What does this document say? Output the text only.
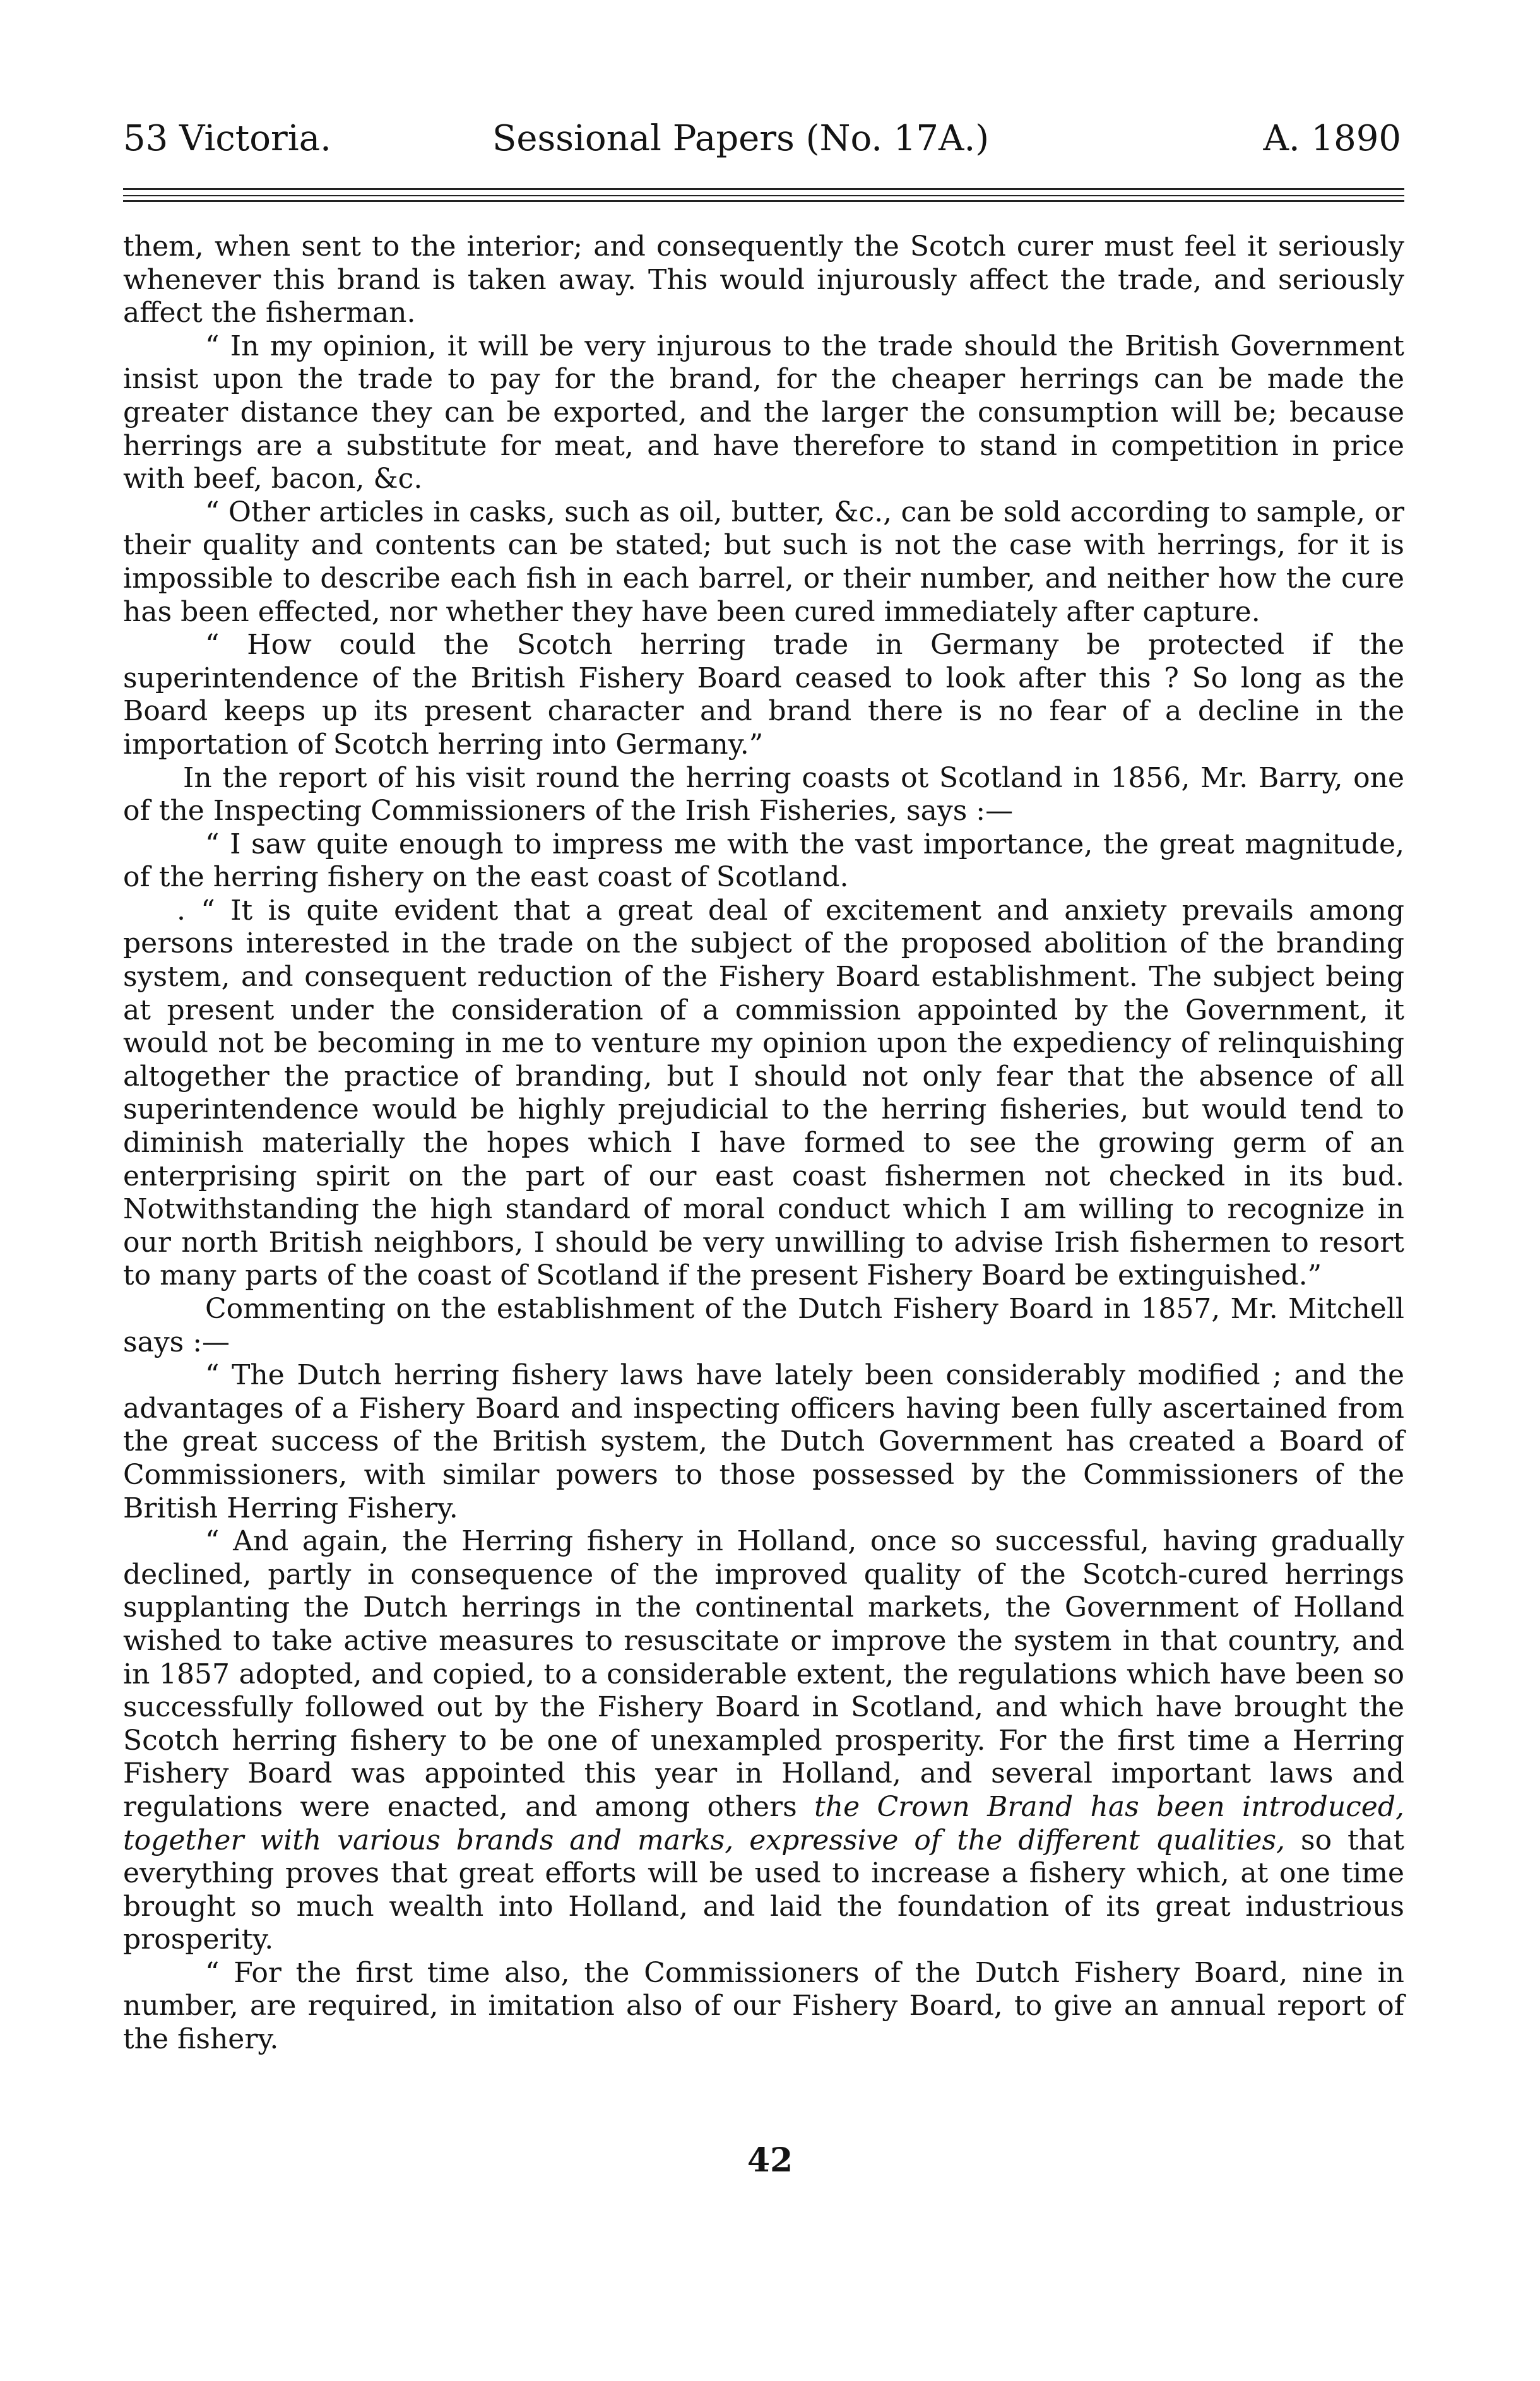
53 Victoria.	Sessional Papers (No. 17A.)	A. 1890

them, when sent to the interior; and consequently the Scotch curer must feel it seriously whenever this brand is taken away. This would injurously affect the trade, and seriously affect the fisherman.

“ In my opinion, it will be very injurous to the trade should the British Government insist upon the trade to pay for the brand, for the cheaper herrings can be made the greater distance they can be exported, and the larger the consumption will be; because herrings are a substitute for meat, and have therefore to stand in competition in price with beef, bacon, &c.

“ Other articles in casks, such as oil, butter, &c., can be sold according to sample, or their quality and contents can be stated; but such is not the case with herrings, for it is impossible to describe each fish in each barrel, or their number, and neither how the cure has been effected, nor whether they have been cured immediately after capture.

“ How could the Scotch herring trade in Germany be protected if the superintendence of the British Fishery Board ceased to look after this ? So long as the Board keeps up its present character and brand there is no fear of a decline in the importation of Scotch herring into Germany.”

In the report of his visit round the herring coasts ot Scotland in 1856, Mr. Barry, one of the Inspecting Commissioners of the Irish Fisheries, says :—

“ I saw quite enough to impress me with the vast importance, the great magnitude, of the herring fishery on the east coast of Scotland.

. “ It is quite evident that a great deal of excitement and anxiety prevails among persons interested in the trade on the subject of the proposed abolition of the branding system, and consequent reduction of the Fishery Board establishment. The subject being at present under the consideration of a commission appointed by the Government, it would not be becoming in me to venture my opinion upon the expediency of relinquishing altogether the practice of branding, but I should not only fear that the absence of all superintendence would be highly prejudicial to the herring fisheries, but would tend to diminish materially the hopes which I have formed to see the growing germ of an enterprising spirit on the part of our east coast fishermen not checked in its bud. Notwithstanding the high standard of moral conduct which I am willing to recognize in our north British neighbors, I should be very unwilling to advise Irish fishermen to resort to many parts of the coast of Scotland if the present Fishery Board be extinguished.”

Commenting on the establishment of the Dutch Fishery Board in 1857, Mr. Mitchell says :—

“ The Dutch herring fishery laws have lately been considerably modified ; and the advantages of a Fishery Board and inspecting officers having been fully ascertained from the great success of the British system, the Dutch Government has created a Board of Commissioners, with similar powers to those possessed by the Commissioners of the British Herring Fishery.

“ And again, the Herring fishery in Holland, once so successful, having gradually declined, partly in consequence of the improved quality of the Scotch-cured herrings supplanting the Dutch herrings in the continental markets, the Government of Holland wished to take active measures to resuscitate or improve the system in that country, and in 1857 adopted, and copied, to a considerable extent, the regulations which have been so successfully followed out by the Fishery Board in Scotland, and which have brought the Scotch herring fishery to be one of unexampled prosperity. For the first time a Herring Fishery Board was appointed this year in Holland, and several important laws and regulations were enacted, and among others the Crown Brand has been introduced, together with various brands and marks, expressive of the different qualities, so that everything proves that great efforts will be used to increase a fishery which, at one time brought so much wealth into Holland, and laid the foundation of its great industrious prosperity.

“ For the first time also, the Commissioners of the Dutch Fishery Board, nine in number, are required, in imitation also of our Fishery Board, to give an annual report of the fishery.

42
